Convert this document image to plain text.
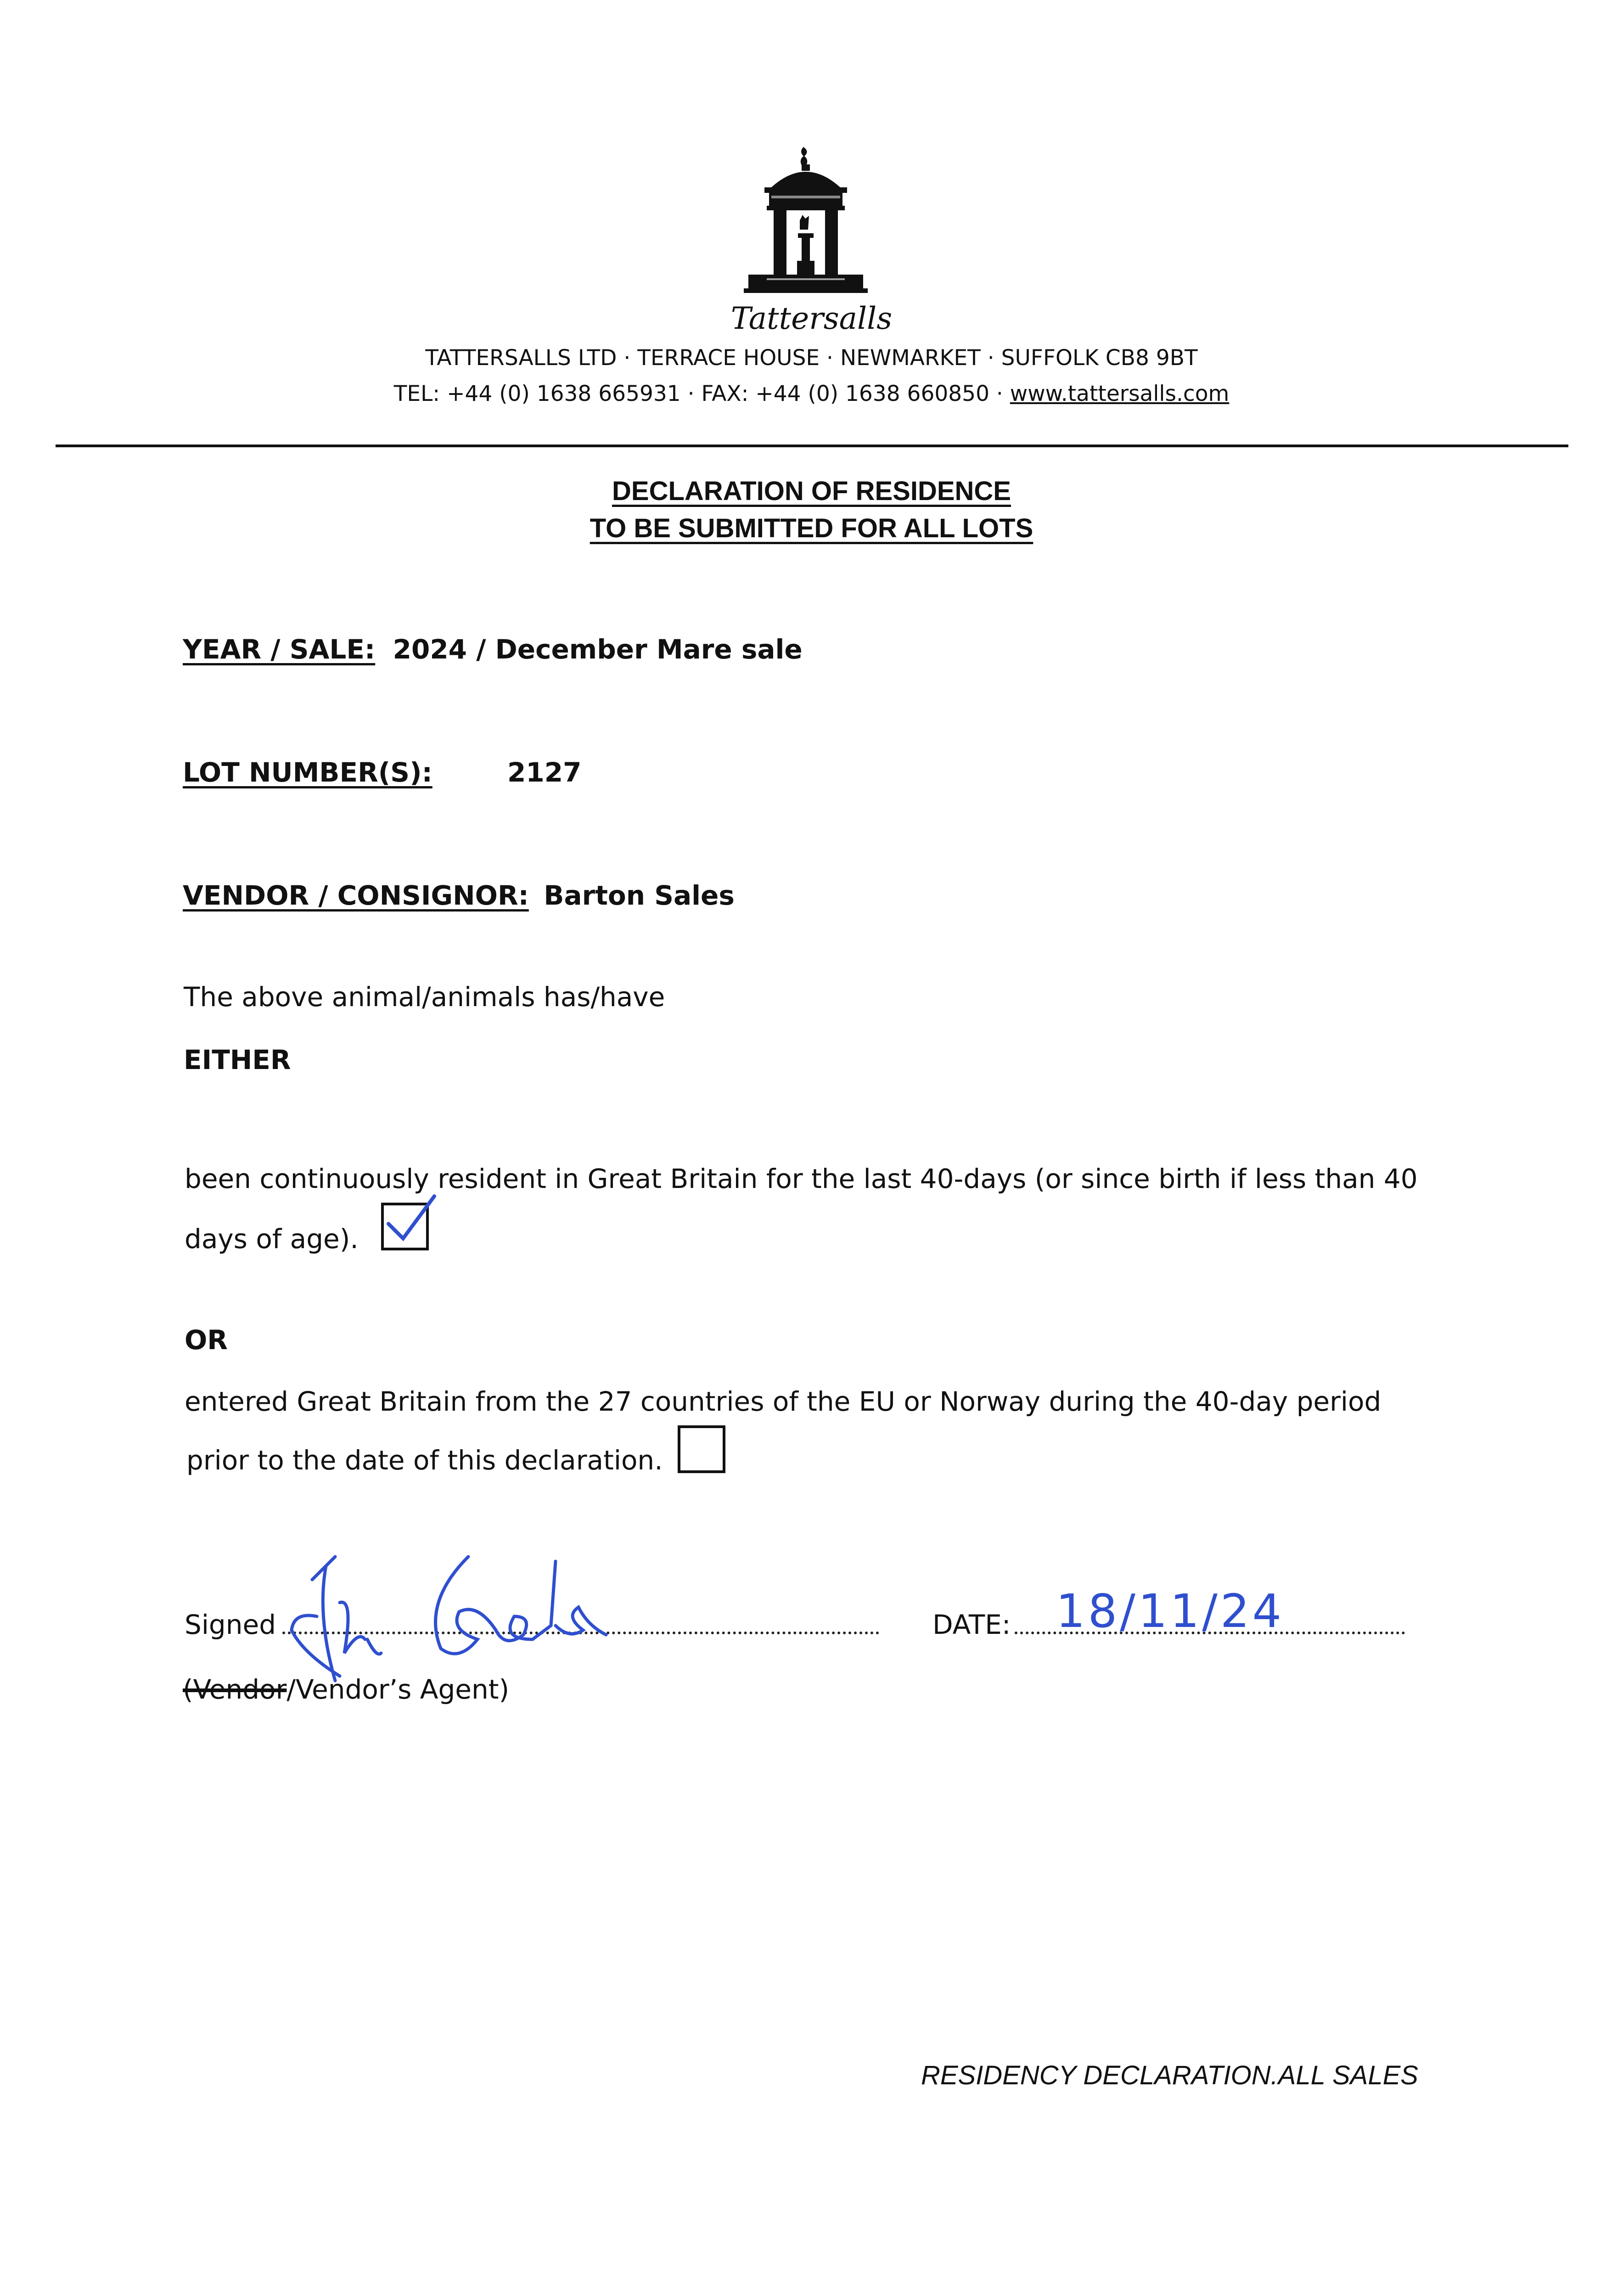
Tattersalls
TATTERSALLS LTD · TERRACE HOUSE · NEWMARKET · SUFFOLK CB8 9BT
TEL: +44 (0) 1638 665931 · FAX: +44 (0) 1638 660850 · www.tattersalls.com
DECLARATION OF RESIDENCE
TO BE SUBMITTED FOR ALL LOTS
YEAR / SALE: 2024 / December Mare sale
LOT NUMBER(S):	2127
VENDOR / CONSIGNOR: Barton Sales
The above animal/animals has/have
EITHER
been continuously resident in Great Britain for the last 40-days (or since birth if less than 40
days of age).
OR
entered Great Britain from the 27 countries of the EU or Norway during the 40-day period
prior to the date of this declaration.
Signed	DATE: 18/11/24
(Vendor/Vendor’s Agent)
RESIDENCY DECLARATION.ALL SALES
